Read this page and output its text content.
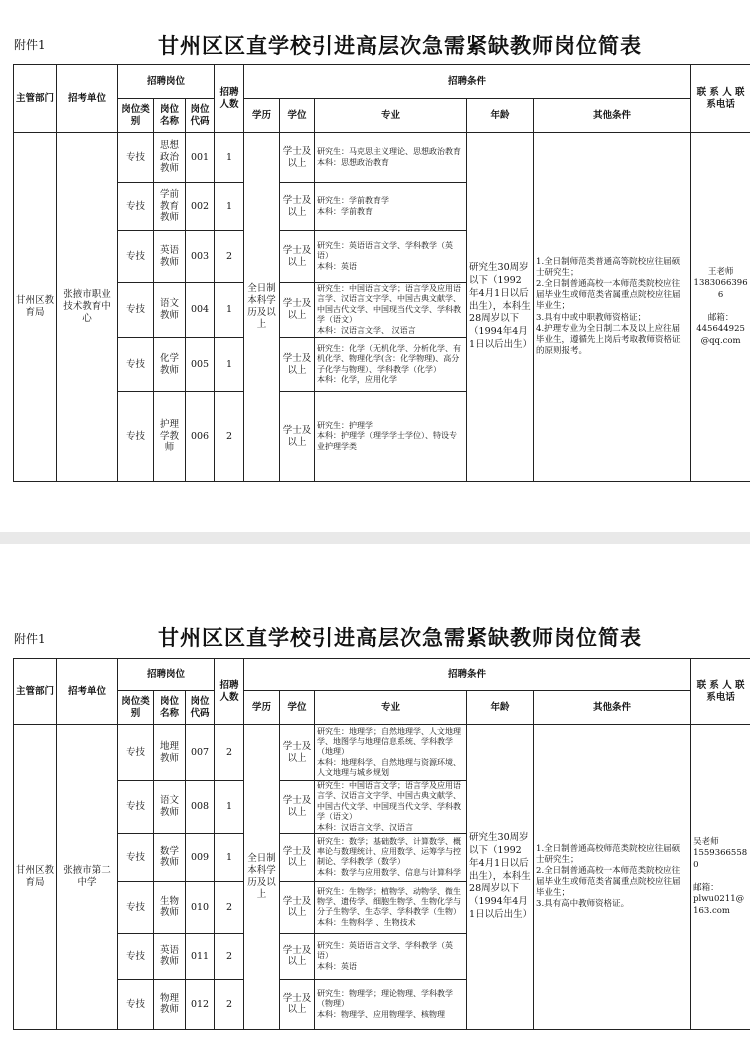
附件1	甘州区区直学校引进高层次急需紧缺教师岗位简表
主管部门	招考单位	招聘岗位			招聘人数	招聘条件					联 系 人 联系电话
		岗位类别	岗位名称	岗位代码		学历	学位	专业	年龄	其他条件	
甘州区教育局	张掖市职业技术教育中心	专技	思想政治教师	001	1	全日制本科学历及以上	学士及以上	研究生：马克思主义理论、思想政治教育
本科：思想政治教育	研究生30周岁以下（1992年4月1日以后出生），本科生28周岁以下（1994年4月1日以后出生）	1.全日制师范类普通高等院校应往届硕士研究生；
2.全日制普通高校一本师范类院校应往届毕业生或师范类省属重点院校应往届毕业生；
3.具有中或中职教师资格证；
4.护理专业为全日制二本及以上应往届毕业生，遵循先上岗后考取教师资格证的原则报考。	王老师
13830663966

邮箱：
445644925@qq.com
		专技	学前教育教师	002	1		学士及以上	研究生：学前教育学
本科：学前教育			
		专技	英语教师	003	2		学士及以上	研究生：英语语言文学、学科教学（英语）
本科：英语			
		专技	语文教师	004	1		学士及以上	研究生：中国语言文学；语言学及应用语言学、汉语言文字学、中国古典文献学、中国古代文学、中国现当代文学、学科教学（语文）
本科：汉语言文学、 汉语言			
		专技	化学教师	005	1		学士及以上	研究生：化学（无机化学、分析化学、有机化学、物理化学(含：化学物理)、高分子化学与物理）、学科教学（化学）
本科：化学，应用化学			
		专技	护理学教师	006	2		学士及以上	研究生：护理学
本科：护理学（理学学士学位）、特设专业护理学类			
附件1	甘州区区直学校引进高层次急需紧缺教师岗位简表
主管部门	招考单位	招聘岗位			招聘人数	招聘条件					联 系 人 联系电话
		岗位类别	岗位名称	岗位代码		学历	学位	专业	年龄	其他条件	
甘州区教育局	张掖市第二中学	专技	地理教师	007	2	全日制本科学历及以上	学士及以上	研究生：地理学；自然地理学、人文地理学、地图学与地理信息系统、学科教学（地理）
本科：地理科学、自然地理与资源环境、人文地理与城乡规划	研究生30周岁以下（1992年4月1日以后出生），本科生28周岁以下（1994年4月1日以后出生）	1.全日制普通高校师范类院校应往届硕士研究生；
2.全日制普通高校一本师范类院校应往届毕业生或师范类省属重点院校应往届毕业生；
3.具有高中教师资格证。	吴老师
15593665580

邮箱：
plwu0211@163.com
		专技	语文教师	008	1		学士及以上	研究生：中国语言文学；语言学及应用语言学、汉语言文字学、中国古典文献学、中国古代文学、中国现当代文学、学科教学（语文）
本科：汉语言文学、汉语言			
		专技	数学教师	009	1		学士及以上	研究生：数学；基础数学、计算数学、概率论与数理统计、应用数学、运筹学与控制论、学科教学（数学）
本科：数学与应用数学、信息与计算科学			
		专技	生物教师	010	2		学士及以上	研究生：生物学；植物学、动物学、微生物学、遗传学、细胞生物学、生物化学与分子生物学、生态学、学科教学（生物）
本科：生物科学 、生物技术			
		专技	英语教师	011	2		学士及以上	研究生：英语语言文学、学科教学（英语）
本科：英语			
		专技	物理教师	012	2		学士及以上	研究生：物理学；理论物理、学科教学（物理）
本科：物理学、应用物理学、核物理			
